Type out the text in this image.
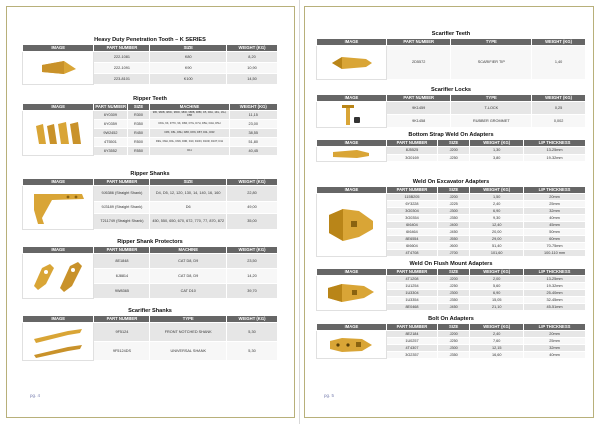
Heavy Duty Penetration Tooth – K SERIES
IMAGE	PART NUMBER	SIZE	WEIGHT (KG)

	222-1081	K80	8,20
	222-1091	K90	10,90
	223-8101	K100	14,50
Ripper Teeth
IMAGE	PART NUMBER	SIZE	MACHINE	WEIGHT (KG)

	6Y0309	R300	980, 980B, 980C, 980D, 980F, 988B, 988F, D5, D6H, 16G, 16H, D5B	11,15
	6Y0359	R350	D6G, 6K, 977K, 9K, D6R, D7G, D7H, D5H, D4H, D5H	23,00
	9W2452	R450	D8K, D8L, D8H, D8R, D8N, D8T, D9L, D9R	38,55
	4T5501	R500	D9G, D9H, D9L, D9N, D9R, D10, D10N, D10R, D10T, D11	51,80
	6Y3552	R550	D11	40,45
Ripper Shanks
IMAGE	PART NUMBER	SIZE	WEIGHT (KG)

	9J6386 (Straight Shank)	D4, D5, 12, 120, 130, 14, 140, 16, 160	22,80
	9J3189 (Straight Shank)	D6	49,00
	T211749 (Straight Shank)	450, 550, 650, 670, 672, 770, 77, 870, 872	35,00
Ripper Shank Protectors
IMAGE	PART NUMBER	MACHINE	WEIGHT (KG)

	8E1848	CAT D8, D9	23,50
	6J8814	CAT D8, D9	14,20
	9W8365	CAT D10	39,70
Scarifier Shanks
IMAGE	PART NUMBER	TYPE	WEIGHT (KG)

	9F5124	FRONT NOTCHED SHANK	5,30
	9F5124DS	UNIVERSAL SHANK	5,30
pg. 4
Scarifier Teeth
IMAGE	PART NUMBER	TYPE	WEIGHT (KG)

	2D5572	SCARIFIER TIP	1,40
Scarifier Locks
IMAGE	PART NUMBER	TYPE	WEIGHT (KG)

	9K1459	T-LOCK	0,25
	9K1458	RUBBER GROMMET	0,002
Bottom Strap Weld On Adapters
IMAGE	PART NUMBER	SIZE	WEIGHT (KG)	LIP THICKNESS

	8J5525	J200	1,30	13-25mm
	3G0169	J250	3,80	19-32mm
Weld On Excavator Adapters
IMAGE	PART NUMBER	SIZE	WEIGHT (KG)	LIP THICKNESS

	115B205	J200	1,50	20mm
	6Y3228	J225	2,40	25mm
	3G0304	J300	6,90	32mm
	3G0354	J350	9,30	40mm
	6I6404	J400	12,40	45mm
	6I6464	J450	20,00	50mm
	8E6554	J550	29,00	60mm
	6I6604	J600	51,40	70-75mm
	4T4708	J700	101,60	100-110 mm
Weld On Flush Mount Adapters
IMAGE	PART NUMBER	SIZE	WEIGHT (KG)	LIP THICKNESS

	4T1208	J200	2,00	13-25mm
	1U1254	J250	5,60	19-32mm
	1U3304	J300	6,90	25-40mm
	1U3354	J350	15,05	32-45mm
	8E0468	J450	21,10	45-51mm
Bolt On Adapters
IMAGE	PART NUMBER	SIZE	WEIGHT (KG)	LIP THICKNESS

	8E2184	J200	2,40	20mm
	1U0257	J250	7,60	25mm
	4T4307	J300	12,15	32mm
	3G2357	J350	16,60	40mm
pg. 5
